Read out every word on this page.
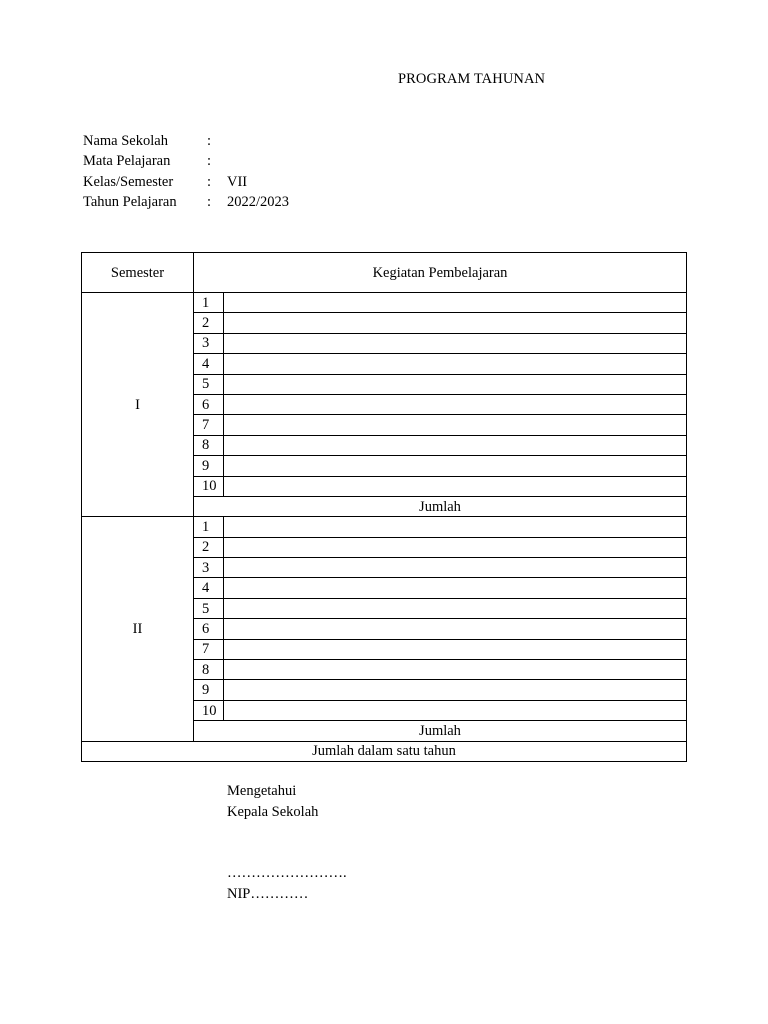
PROGRAM TAHUNAN
Nama Sekolah	:
Mata Pelajaran	:
Kelas/Semester : VII
Tahun Pelajaran : 2022/2023
Semester	Kegiatan Pembelajaran	
I	1	
	2	
	3	
	4	
	5	
	6	
	7	
	8	
	9	
	10	
	Jumlah	
II	1	
	2	
	3	
	4	
	5	
	6	
	7	
	8	
	9	
	10	
	Jumlah	
Jumlah dalam satu tahun		
Mengetahui
Kepala Sekolah
…………………….
NIP…………
